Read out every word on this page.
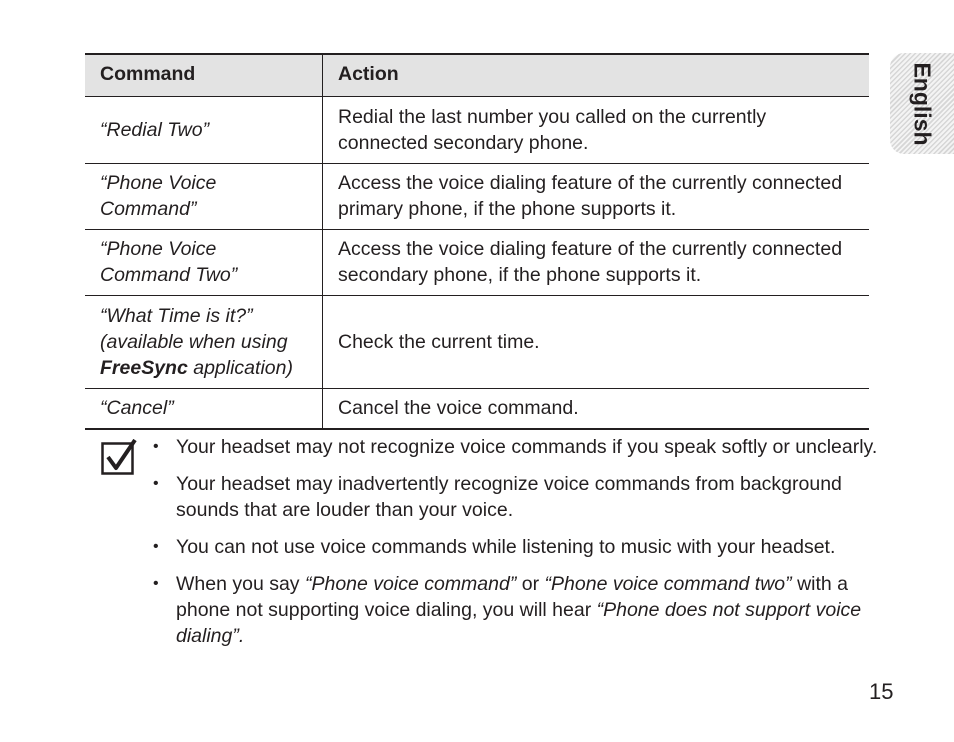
English
Command	Action
“Redial Two”	Redial the last number you called on the currently connected secondary phone.
“Phone Voice Command”	Access the voice dialing feature of the currently connected primary phone, if the phone supports it.
“Phone Voice Command Two”	Access the voice dialing feature of the currently connected secondary phone, if the phone supports it.
“What Time is it?”
(available when using
FreeSync application)	Check the current time.
“Cancel”	Cancel the voice command.
• Your headset may not recognize voice commands if you speak softly or unclearly.
• Your headset may inadvertently recognize voice commands from background sounds that are louder than your voice.
• You can not use voice commands while listening to music with your headset.
• When you say “Phone voice command” or “Phone voice command two” with a phone not supporting voice dialing, you will hear “Phone does not support voice dialing”.
15
